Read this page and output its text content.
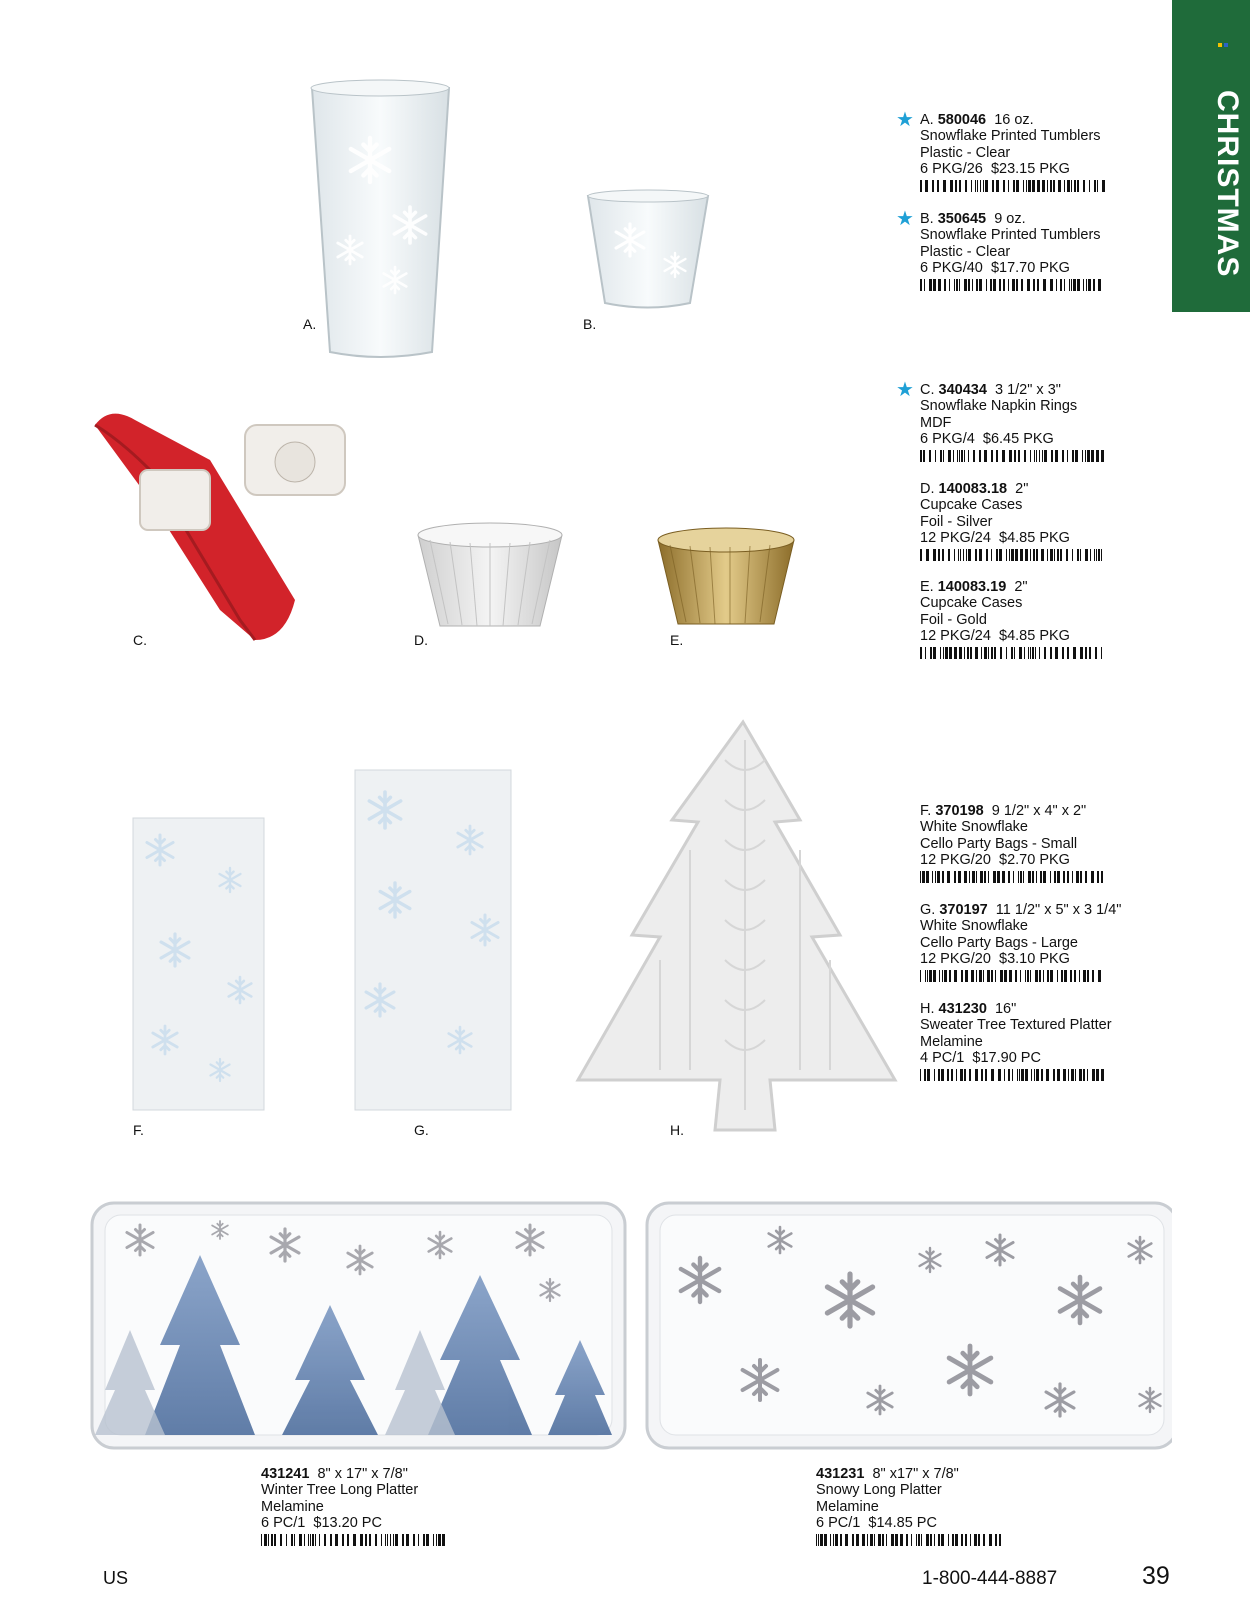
CHRISTMAS
A.	B.
C.	D.	E.
F.	G.	H.
★ A. 580046 16 oz.
Snowflake Printed Tumblers
Plastic - Clear
6 PKG/26 $23.15 PKG
★ B. 350645 9 oz.
Snowflake Printed Tumblers
Plastic - Clear
6 PKG/40 $17.70 PKG
★ C. 340434 3 1/2" x 3"
Snowflake Napkin Rings
MDF
6 PKG/4 $6.45 PKG
D. 140083.18 2"
Cupcake Cases
Foil - Silver
12 PKG/24 $4.85 PKG
E. 140083.19 2"
Cupcake Cases
Foil - Gold
12 PKG/24 $4.85 PKG
F. 370198 9 1/2" x 4" x 2"
White Snowflake
Cello Party Bags - Small
12 PKG/20 $2.70 PKG
G. 370197 11 1/2" x 5" x 3 1/4"
White Snowflake
Cello Party Bags - Large
12 PKG/20 $3.10 PKG
H. 431230 16"
Sweater Tree Textured Platter
Melamine
4 PC/1 $17.90 PC
431241 8" x 17" x 7/8"
Winter Tree Long Platter
Melamine
6 PC/1 $13.20 PC
431231 8" x17" x 7/8"
Snowy Long Platter
Melamine
6 PC/1 $14.85 PC
US	1-800-444-8887	39
